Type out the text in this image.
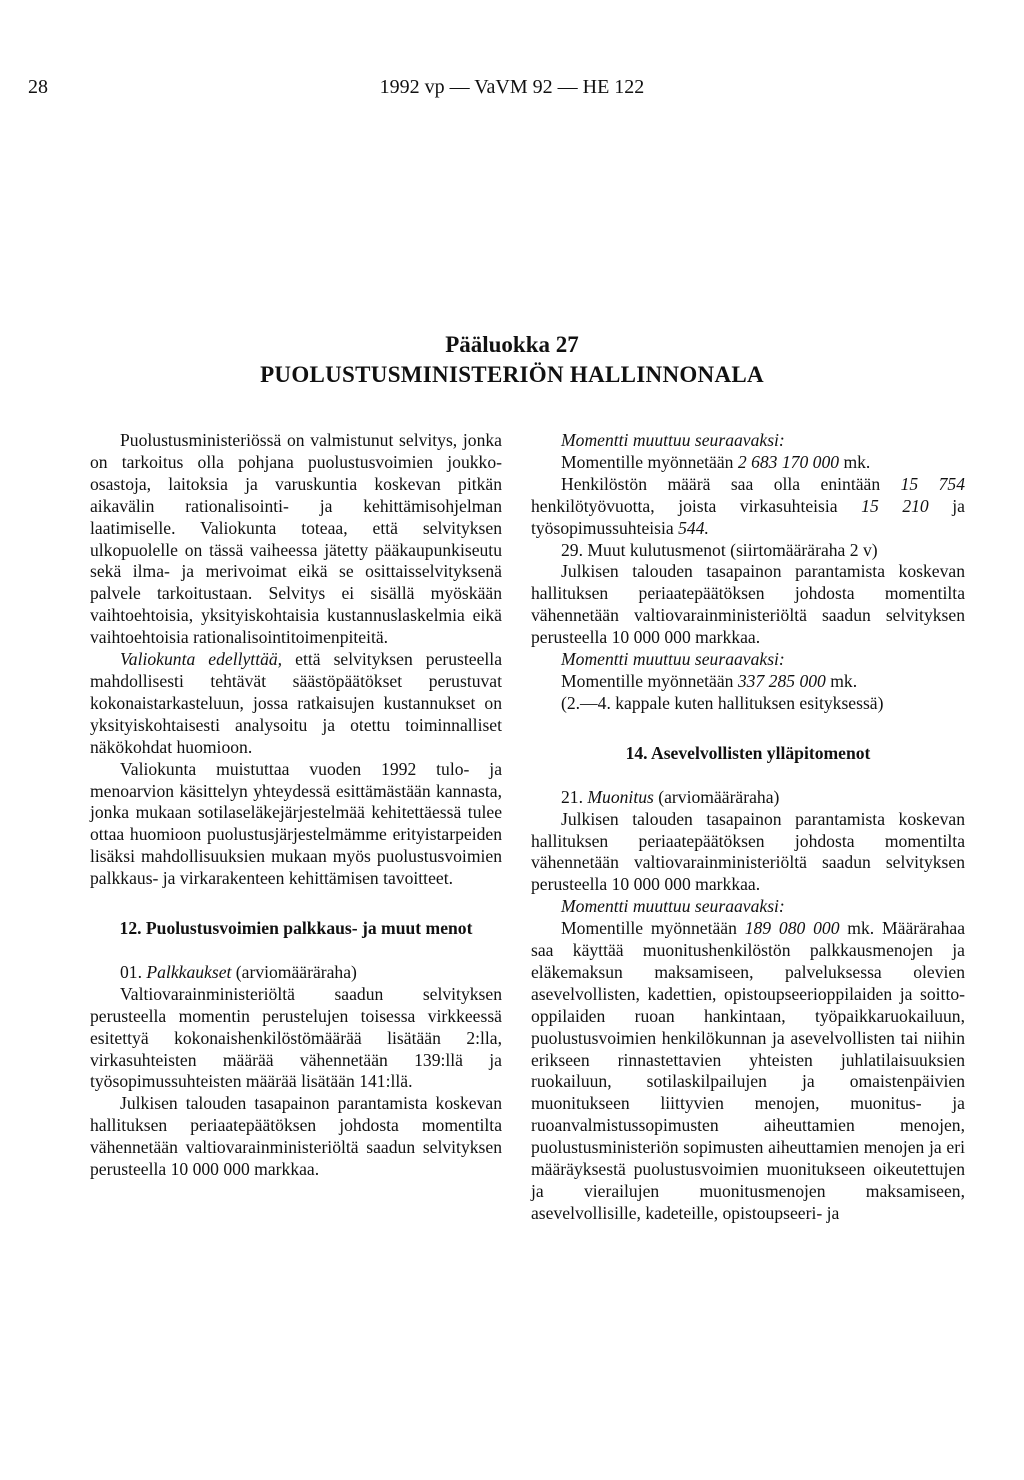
28	1992 vp — VaVM 92 — HE 122
Pääluokka 27
PUOLUSTUSMINISTERIÖN HALLINNONALA

Puolustusministeriössä on valmistunut selvitys, jonka on tarkoitus olla pohjana puolustusvoimien joukko-osastoja, laitoksia ja varuskuntia koskevan pitkän aikavälin rationalisointi- ja kehittämisohjelman laatimiselle. Valiokunta toteaa, että selvityksen ulkopuolelle on tässä vaiheessa jätetty pääkaupunkiseutu sekä ilma- ja merivoimat eikä se osittaisselvityksenä palvele tarkoitustaan. Selvitys ei sisällä myöskään vaihtoehtoisia, yksityiskohtaisia kustannuslaskelmia eikä vaihtoehtoisia rationalisointitoimenpiteitä.

Valiokunta edellyttää, että selvityksen perusteella mahdollisesti tehtävät säästöpäätökset perustuvat kokonaistarkasteluun, jossa ratkaisujen kustannukset on yksityiskohtaisesti analysoitu ja otettu toiminnalliset näkökohdat huomioon.

Valiokunta muistuttaa vuoden 1992 tulo- ja menoarvion käsittelyn yhteydessä esittämästään kannasta, jonka mukaan sotilaseläkejärjestelmää kehitettäessä tulee ottaa huomioon puolustusjärjestelmämme erityistarpeiden lisäksi mahdollisuuksien mukaan myös puolustusvoimien palkkaus- ja virkarakenteen kehittämisen tavoitteet.

12. Puolustusvoimien palkkaus- ja muut menot

01. Palkkaukset (arviomääräraha)

Valtiovarainministeriöltä saadun selvityksen perusteella momentin perustelujen toisessa virkkeessä esitettyä kokonaishenkilöstömäärää lisätään 2:lla, virkasuhteisten määrää vähennetään 139:llä ja työsopimussuhteisten määrää lisätään 141:llä.

Julkisen talouden tasapainon parantamista koskevan hallituksen periaatepäätöksen johdosta momentilta vähennetään valtiovarainministeriöltä saadun selvityksen perusteella 10 000 000 markkaa.

Momentti muuttuu seuraavaksi:

Momentille myönnetään 2 683 170 000 mk.

Henkilöstön määrä saa olla enintään 15 754 henkilötyövuotta, joista virkasuhteisia 15 210 ja työsopimussuhteisia 544.

29. Muut kulutusmenot (siirtomääräraha 2 v)

Julkisen talouden tasapainon parantamista koskevan hallituksen periaatepäätöksen johdosta momentilta vähennetään valtiovarainministeriöltä saadun selvityksen perusteella 10 000 000 markkaa.

Momentti muuttuu seuraavaksi:

Momentille myönnetään 337 285 000 mk.

(2.—4. kappale kuten hallituksen esityksessä)

14. Asevelvollisten ylläpitomenot

21. Muonitus (arviomääräraha)

Julkisen talouden tasapainon parantamista koskevan hallituksen periaatepäätöksen johdosta momentilta vähennetään valtiovarainministeriöltä saadun selvityksen perusteella 10 000 000 markkaa.

Momentti muuttuu seuraavaksi:

Momentille myönnetään 189 080 000 mk. Määrärahaa saa käyttää muonitushenkilöstön palkkausmenojen ja eläkemaksun maksamiseen, palveluksessa olevien asevelvollisten, kadettien, opistoupseerioppilaiden ja soitto-oppilaiden ruoan hankintaan, työpaikkaruokailuun, puolustusvoimien henkilökunnan ja asevelvollisten tai niihin erikseen rinnastettavien yhteisten juhlatilaisuuksien ruokailuun, sotilaskilpailujen ja omaistenpäivien muonitukseen liittyvien menojen, muonitus- ja ruoanvalmistussopimusten aiheuttamien menojen, puolustusministeriön sopimusten aiheuttamien menojen ja eri määräyksestä puolustusvoimien muonitukseen oikeutettujen ja vierailujen muonitusmenojen maksamiseen, asevelvollisille, kadeteille, opistoupseeri- ja
